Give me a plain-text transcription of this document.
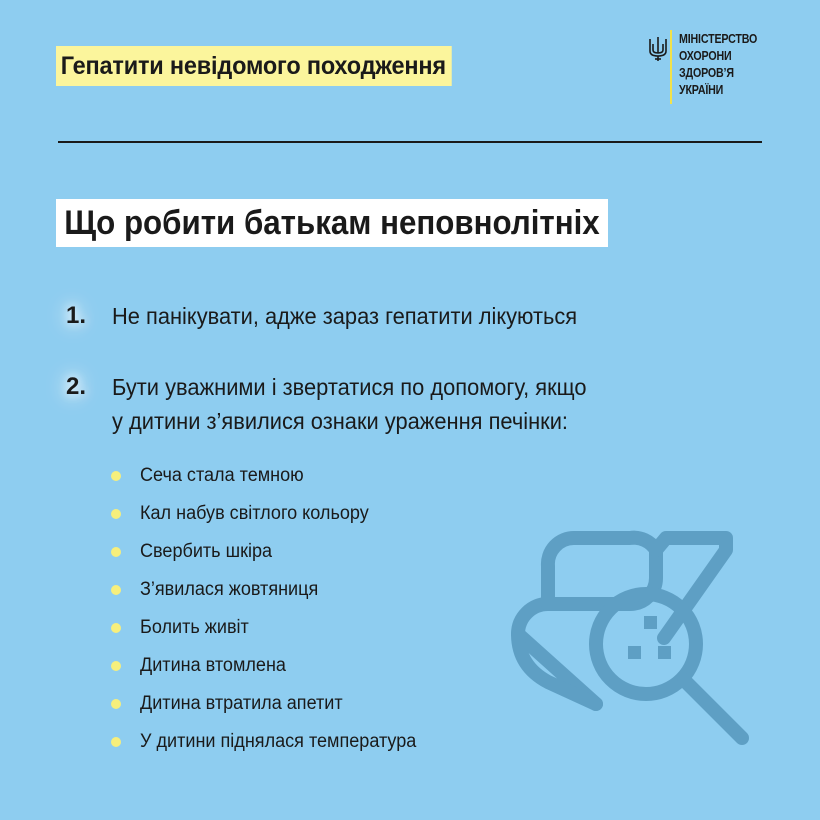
Гепатити невідомого походження
МІНІСТЕРСТВО
ОХОРОНИ
ЗДОРОВ’Я
УКРАЇНИ
Що робити батькам неповнолітніх
1.	Не панікувати, адже зараз гепатити лікуються
2.	Бути уважними і звертатися по допомогу, якщо
у дитини з’явилися ознаки ураження печінки:
Сеча стала темною
Кал набув світлого кольору
Свербить шкіра
З’явилася жовтяниця
Болить живіт
Дитина втомлена
Дитина втратила апетит
У дитини піднялася температура
